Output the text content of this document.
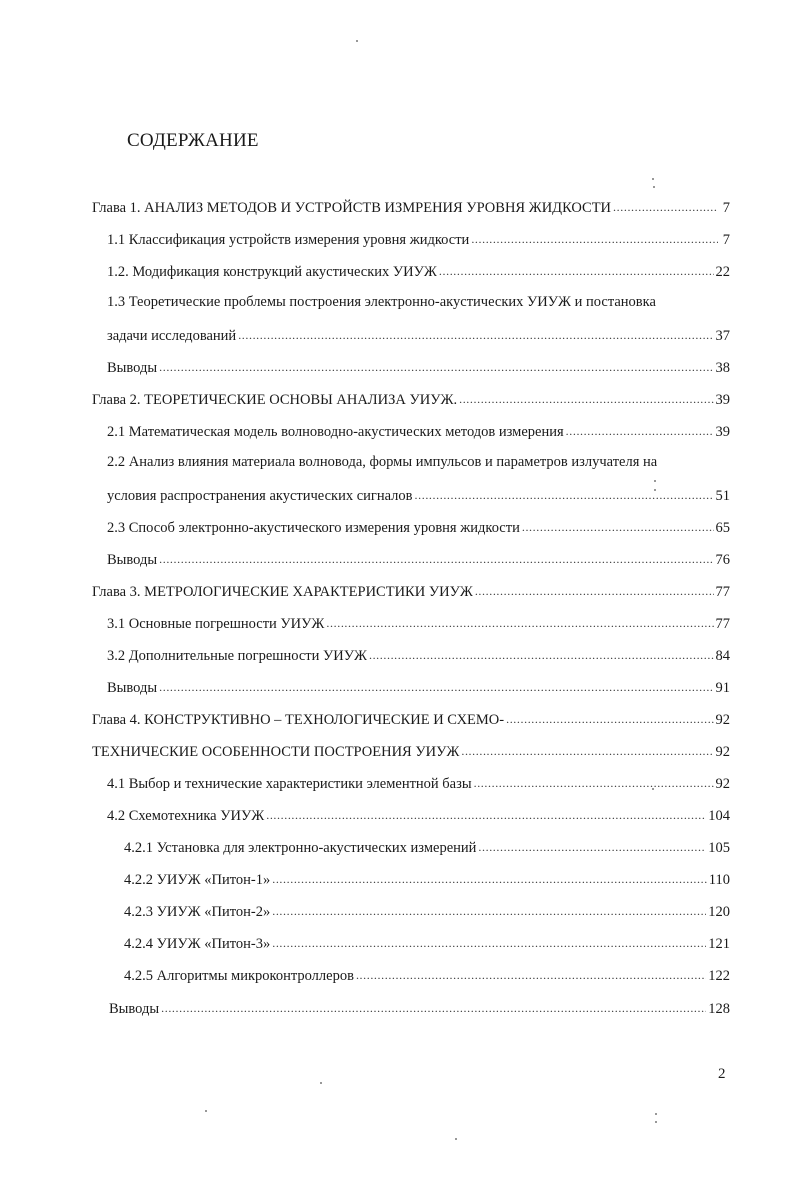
СОДЕРЖАНИЕ
Глава 1. АНАЛИЗ МЕТОДОВ И УСТРОЙСТВ ИЗМРЕНИЯ УРОВНЯ ЖИДКОСТИ .....	7
1.1 Классификация устройств измерения уровня жидкости .....	7
1.2. Модификация конструкций акустических УИУЖ .....	22
1.3 Теоретические проблемы построения электронно-акустических УИУЖ и постановка
задачи исследований .....	37
Выводы .....	38
Глава 2. ТЕОРЕТИЧЕСКИЕ ОСНОВЫ АНАЛИЗА УИУЖ. .....	39
2.1 Математическая модель волноводно-акустических методов измерения .....	39
2.2 Анализ влияния материала волновода, формы импульсов и параметров излучателя на
условия распространения акустических сигналов .....	51
2.3 Способ электронно-акустического измерения уровня жидкости .....	65
Выводы .....	76
Глава 3. МЕТРОЛОГИЧЕСКИЕ ХАРАКТЕРИСТИКИ УИУЖ .....	77
3.1 Основные погрешности УИУЖ .....	77
3.2 Дополнительные погрешности УИУЖ .....	84
Выводы .....	91
Глава 4. КОНСТРУКТИВНО – ТЕХНОЛОГИЧЕСКИЕ И СХЕМО- .....	92
ТЕХНИЧЕСКИЕ ОСОБЕННОСТИ ПОСТРОЕНИЯ УИУЖ .....	92
4.1 Выбор и технические характеристики элементной базы .....	92
4.2 Схемотехника УИУЖ .....	104
4.2.1 Установка для электронно-акустических измерений .....	105
4.2.2 УИУЖ «Питон-1» .....	110
4.2.3 УИУЖ «Питон-2» .....	120
4.2.4 УИУЖ «Питон-3» .....	121
4.2.5 Алгоритмы микроконтроллеров .....	122
Выводы .....	128
2
